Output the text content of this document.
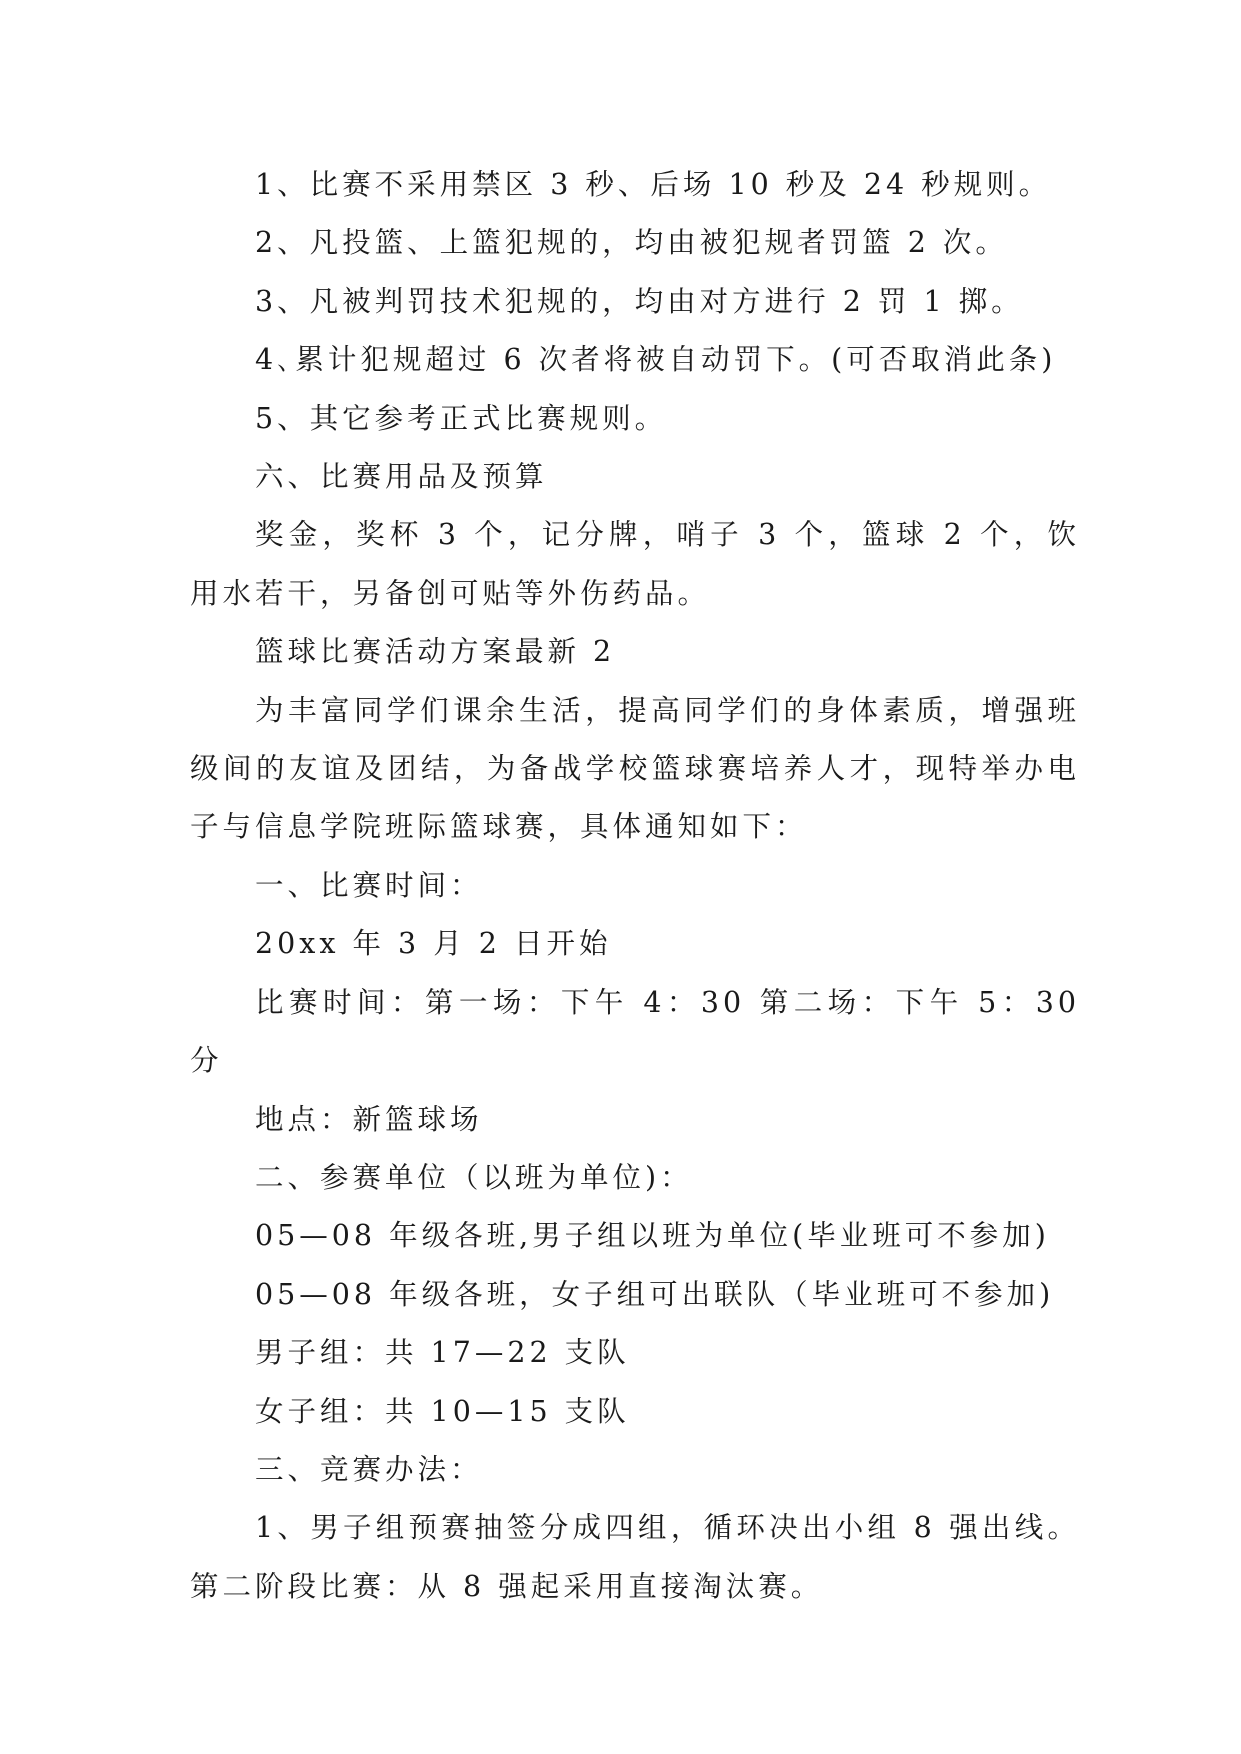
1、比赛不采用禁区 3 秒、后场 10 秒及 24 秒规则。

2、凡投篮、上篮犯规的，均由被犯规者罚篮 2 次。

3、凡被判罚技术犯规的，均由对方进行 2 罚 1 掷。

4､累计犯规超过 6 次者将被自动罚下。(可否取消此条)

5、其它参考正式比赛规则。

六、比赛用品及预算

奖金，奖杯 3 个，记分牌，哨子 3 个，篮球 2 个，饮用水若干，另备创可贴等外伤药品。

篮球比赛活动方案最新 2

为丰富同学们课余生活，提高同学们的身体素质，增强班级间的友谊及团结，为备战学校篮球赛培养人才，现特举办电子与信息学院班际篮球赛，具体通知如下：

一、比赛时间：

20xx 年 3 月 2 日开始

比赛时间：第一场：下午 4：30 第二场：下午 5：30 分

地点：新篮球场

二、参赛单位（以班为单位)：

05—08 年级各班,男子组以班为单位(毕业班可不参加)

05—08 年级各班，女子组可出联队（毕业班可不参加)

男子组：共 17—22 支队

女子组：共 10—15 支队

三、竞赛办法：

1、男子组预赛抽签分成四组，循环决出小组 8 强出线。第二阶段比赛：从 8 强起采用直接淘汰赛。
